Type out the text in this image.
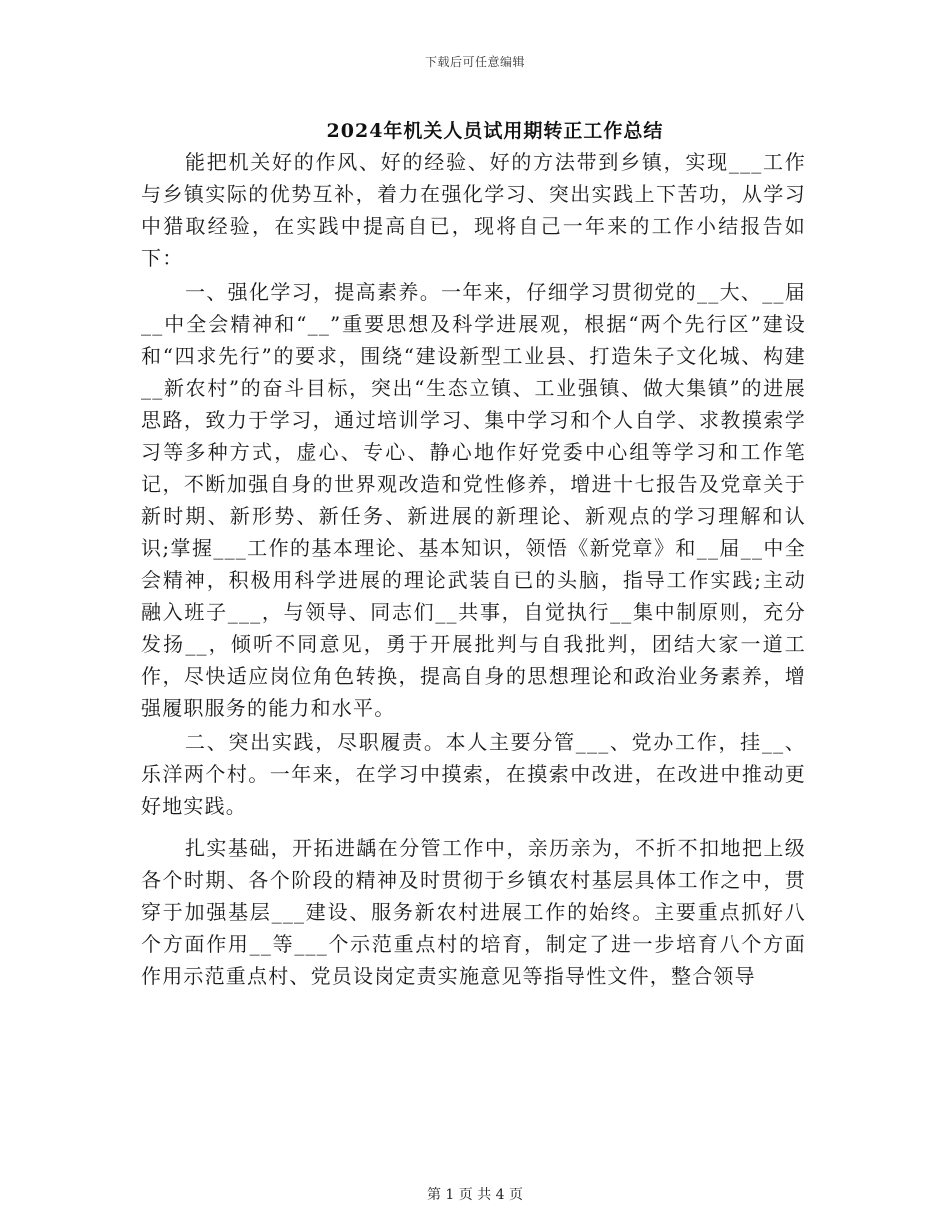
下载后可任意编辑
2024年机关人员试用期转正工作总结

能把机关好的作风、好的经验、好的方法带到乡镇，实现___工作与乡镇实际的优势互补，着力在强化学习、突出实践上下苦功，从学习中猎取经验，在实践中提高自已，现将自己一年来的工作小结报告如下：

一、强化学习，提高素养。一年来，仔细学习贯彻党的__大、__届__中全会精神和“__”重要思想及科学进展观，根据“两个先行区”建设和“四求先行”的要求，围绕“建设新型工业县、打造朱子文化城、构建__新农村”的奋斗目标，突出“生态立镇、工业强镇、做大集镇”的进展思路，致力于学习，通过培训学习、集中学习和个人自学、求教摸索学习等多种方式，虚心、专心、静心地作好党委中心组等学习和工作笔记，不断加强自身的世界观改造和党性修养，增进十七报告及党章关于新时期、新形势、新任务、新进展的新理论、新观点的学习理解和认识;掌握___工作的基本理论、基本知识，领悟《新党章》和__届__中全会精神，积极用科学进展的理论武装自已的头脑，指导工作实践;主动融入班子___，与领导、同志们__共事，自觉执行__集中制原则，充分发扬__，倾听不同意见，勇于开展批判与自我批判，团结大家一道工作，尽快适应岗位角色转换，提高自身的思想理论和政治业务素养，增强履职服务的能力和水平。

二、突出实践，尽职履责。本人主要分管___、党办工作，挂__、乐洋两个村。一年来，在学习中摸索，在摸索中改进，在改进中推动更好地实践。

扎实基础，开拓进龋在分管工作中，亲历亲为，不折不扣地把上级各个时期、各个阶段的精神及时贯彻于乡镇农村基层具体工作之中，贯穿于加强基层___建设、服务新农村进展工作的始终。主要重点抓好八个方面作用__等___个示范重点村的培育，制定了进一步培育八个方面作用示范重点村、党员设岗定责实施意见等指导性文件，整合领导

第 1 页 共 4 页
